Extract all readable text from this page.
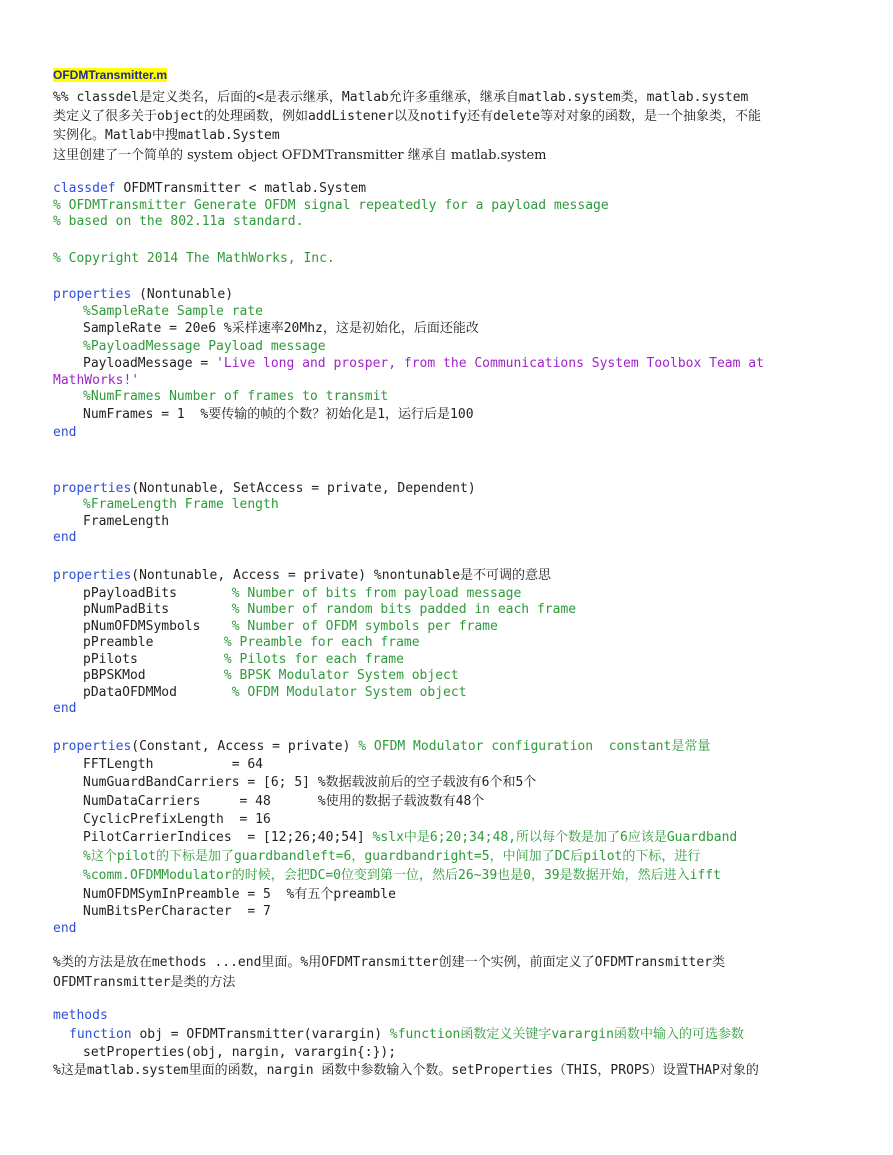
OFDMTransmitter.m
%% classdel是定义类名，后面的<是表示继承，Matlab允许多重继承，继承自matlab.system类，matlab.system
类定义了很多关于object的处理函数，例如addListener以及notify还有delete等对对象的函数，是一个抽象类，不能
实例化。Matlab中搜matlab.System
这里创建了一个简单的 system object OFDMTransmitter 继承自 matlab.system
classdef OFDMTransmitter < matlab.System
% OFDMTransmitter Generate OFDM signal repeatedly for a payload message
% based on the 802.11a standard.
% Copyright 2014 The MathWorks, Inc.
properties (Nontunable)
%SampleRate Sample rate
SampleRate = 20e6 %采样速率20Mhz，这是初始化，后面还能改
%PayloadMessage Payload message
PayloadMessage = 'Live long and prosper, from the Communications System Toolbox Team at
MathWorks!'
%NumFrames Number of frames to transmit
NumFrames = 1  %要传输的帧的个数？初始化是1，运行后是100
end
properties(Nontunable, SetAccess = private, Dependent)
%FrameLength Frame length
FrameLength
end
properties(Nontunable, Access = private) %nontunable是不可调的意思
pPayloadBits       % Number of bits from payload message
pNumPadBits        % Number of random bits padded in each frame
pNumOFDMSymbols    % Number of OFDM symbols per frame
pPreamble         % Preamble for each frame
pPilots           % Pilots for each frame
pBPSKMod          % BPSK Modulator System object
pDataOFDMMod       % OFDM Modulator System object
end
properties(Constant, Access = private) % OFDM Modulator configuration  constant是常量
FFTLength          = 64
NumGuardBandCarriers = [6; 5] %数据载波前后的空子载波有6个和5个
NumDataCarriers     = 48      %使用的数据子载波数有48个
CyclicPrefixLength  = 16
PilotCarrierIndices  = [12;26;40;54] %slx中是6;20;34;48,所以每个数是加了6应该是Guardband
%这个pilot的下标是加了guardbandleft=6，guardbandright=5，中间加了DC后pilot的下标，进行
%comm.OFDMModulator的时候，会把DC=0位变到第一位，然后26~39也是0，39是数据开始，然后进入ifft
NumOFDMSymInPreamble = 5  %有五个preamble
NumBitsPerCharacter  = 7
end
%类的方法是放在methods ...end里面。%用OFDMTransmitter创建一个实例，前面定义了OFDMTransmitter类
OFDMTransmitter是类的方法
methods
function obj = OFDMTransmitter(varargin) %function函数定义关键字varargin函数中输入的可选参数
setProperties(obj, nargin, varargin{:});
%这是matlab.system里面的函数，nargin 函数中参数输入个数。setProperties（THIS，PROPS）设置THAP对象的
